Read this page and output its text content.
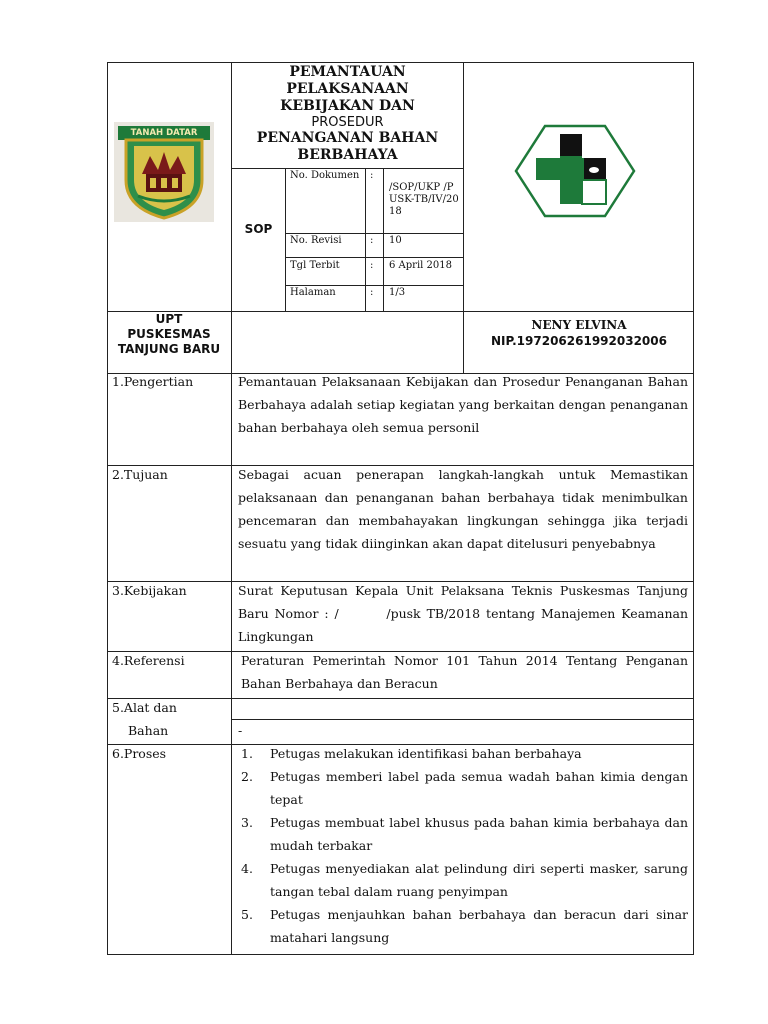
TANAH DATAR
PEMANTAUAN
PELAKSANAAN
KEBIJAKAN DAN
PROSEDUR
PENANGANAN BAHAN
BERBAHAYA
SOP
No. Dokumen :
/SOP/UKP /PUSK-TB/IV/20 18
No. Revisi	: 10
Tgl Terbit	: 6 April 2018
Halaman	: 1/3
UPT PUSKESMAS TANJUNG BARU
NENY ELVINA
NIP.197206261992032006
1.Pengertian	Pemantauan Pelaksanaan Kebijakan dan Prosedur Penanganan Bahan Berbahaya adalah setiap kegiatan yang berkaitan dengan penanganan bahan berbahaya oleh semua personil
2.Tujuan	Sebagai acuan penerapan langkah-langkah untuk Memastikan pelaksanaan dan penanganan bahan berbahaya tidak menimbulkan pencemaran dan membahayakan lingkungan sehingga jika terjadi sesuatu yang tidak diinginkan akan dapat ditelusuri penyebabnya
3.Kebijakan	Surat Keputusan Kepala Unit Pelaksana Teknis Puskesmas Tanjung Baru Nomor : /        /pusk TB/2018 tentang Manajemen Keamanan Lingkungan
4.Referensi	Peraturan Pemerintah Nomor 101 Tahun 2014 Tentang Penganan Bahan Berbahaya dan Beracun
5.Alat dan
Bahan	-
6.Proses	1. Petugas melakukan identifikasi bahan berbahaya
2. Petugas memberi label pada semua wadah bahan kimia dengan tepat
3. Petugas membuat label khusus pada bahan kimia berbahaya dan mudah terbakar
4. Petugas menyediakan alat pelindung diri seperti masker, sarung tangan tebal dalam ruang penyimpan
5. Petugas menjauhkan bahan berbahaya dan beracun dari sinar matahari langsung
